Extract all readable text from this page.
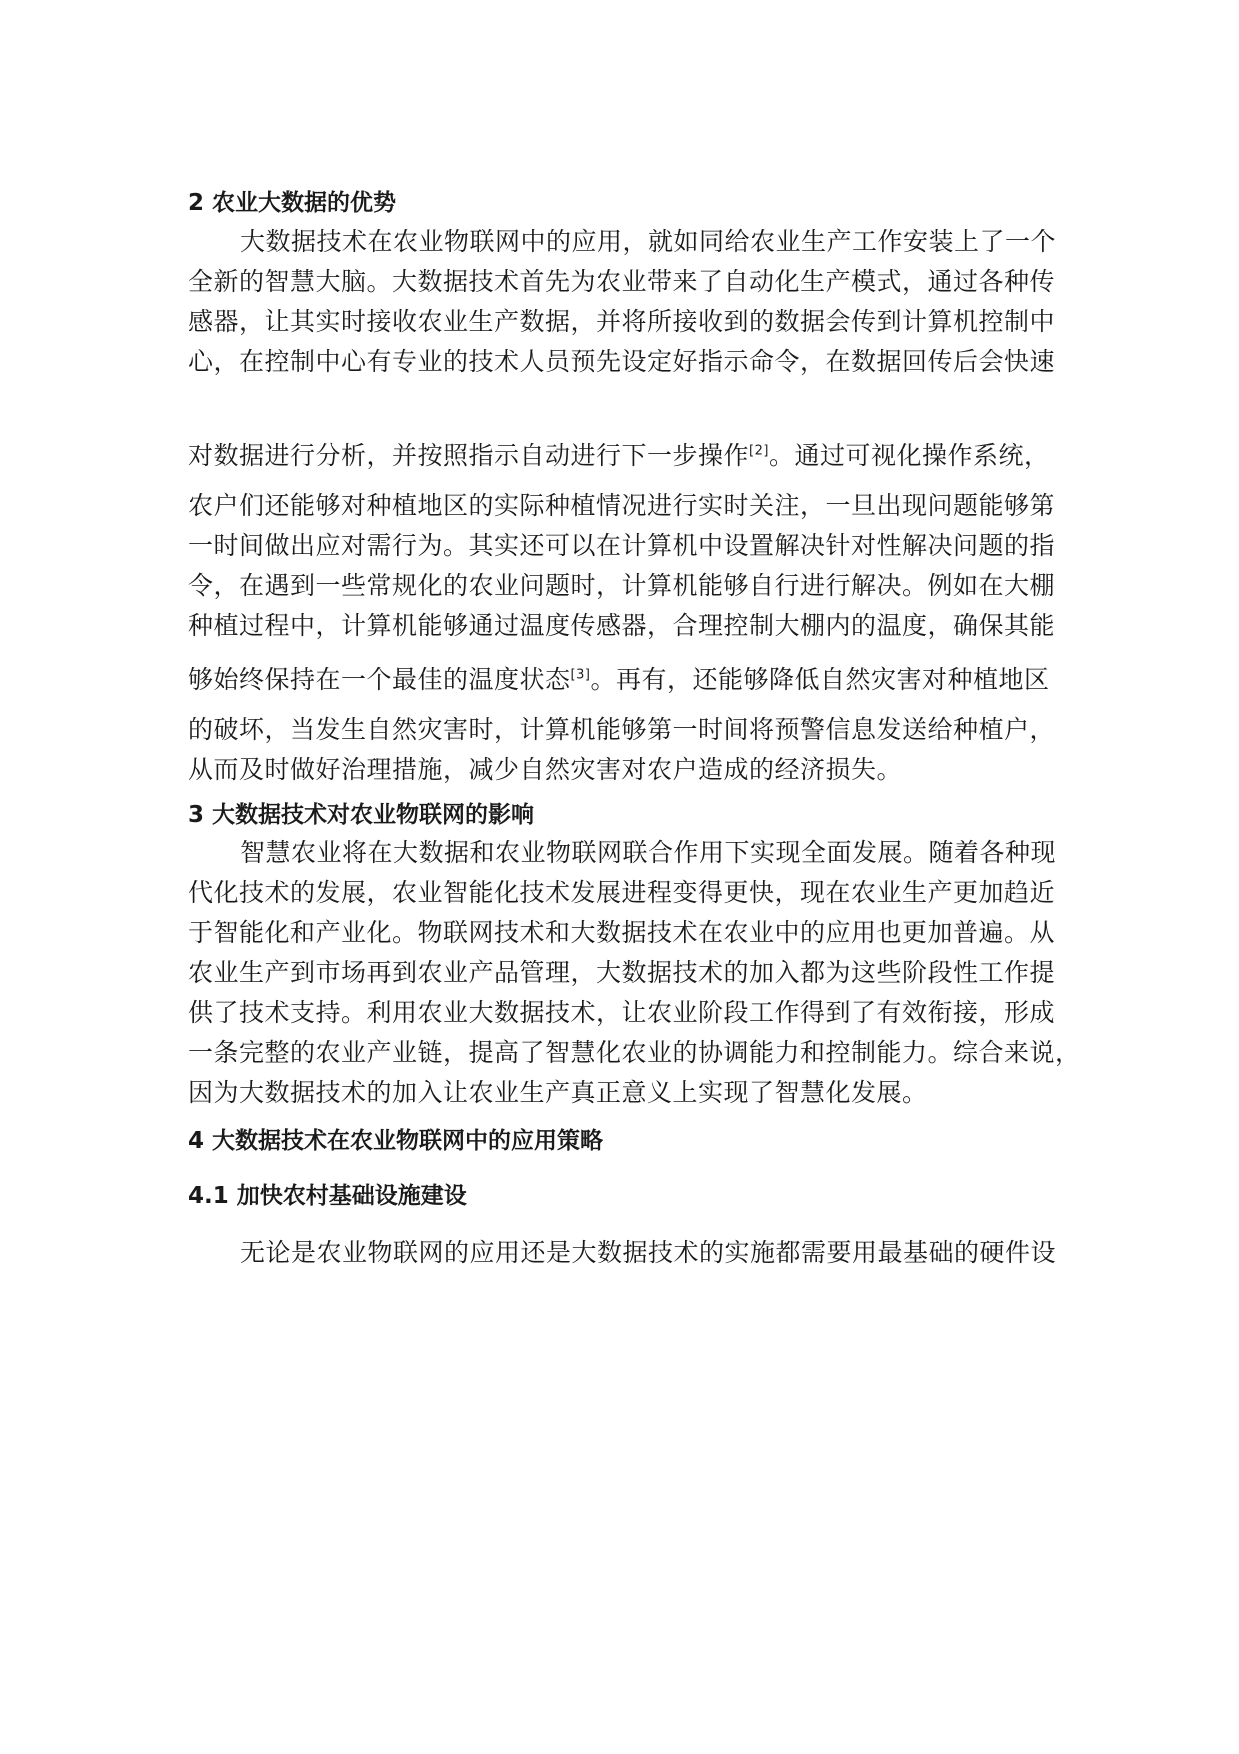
2 农业大数据的优势

大数据技术在农业物联网中的应用，就如同给农业生产工作安装上了一个

全新的智慧大脑。大数据技术首先为农业带来了自动化生产模式，通过各种传

感器，让其实时接收农业生产数据，并将所接收到的数据会传到计算机控制中

心，在控制中心有专业的技术人员预先设定好指示命令，在数据回传后会快速

对数据进行分析，并按照指示自动进行下一步操作[2]。通过可视化操作系统，

农户们还能够对种植地区的实际种植情况进行实时关注，一旦出现问题能够第

一时间做出应对需行为。其实还可以在计算机中设置解决针对性解决问题的指

令，在遇到一些常规化的农业问题时，计算机能够自行进行解决。例如在大棚

种植过程中，计算机能够通过温度传感器，合理控制大棚内的温度，确保其能

够始终保持在一个最佳的温度状态[3]。再有，还能够降低自然灾害对种植地区

的破坏，当发生自然灾害时，计算机能够第一时间将预警信息发送给种植户，

从而及时做好治理措施，减少自然灾害对农户造成的经济损失。

3 大数据技术对农业物联网的影响

智慧农业将在大数据和农业物联网联合作用下实现全面发展。随着各种现

代化技术的发展，农业智能化技术发展进程变得更快，现在农业生产更加趋近

于智能化和产业化。物联网技术和大数据技术在农业中的应用也更加普遍。从

农业生产到市场再到农业产品管理，大数据技术的加入都为这些阶段性工作提

供了技术支持。利用农业大数据技术，让农业阶段工作得到了有效衔接，形成

一条完整的农业产业链，提高了智慧化农业的协调能力和控制能力。综合来说，

因为大数据技术的加入让农业生产真正意义上实现了智慧化发展。

4 大数据技术在农业物联网中的应用策略
4.1 加快农村基础设施建设

无论是农业物联网的应用还是大数据技术的实施都需要用最基础的硬件设
